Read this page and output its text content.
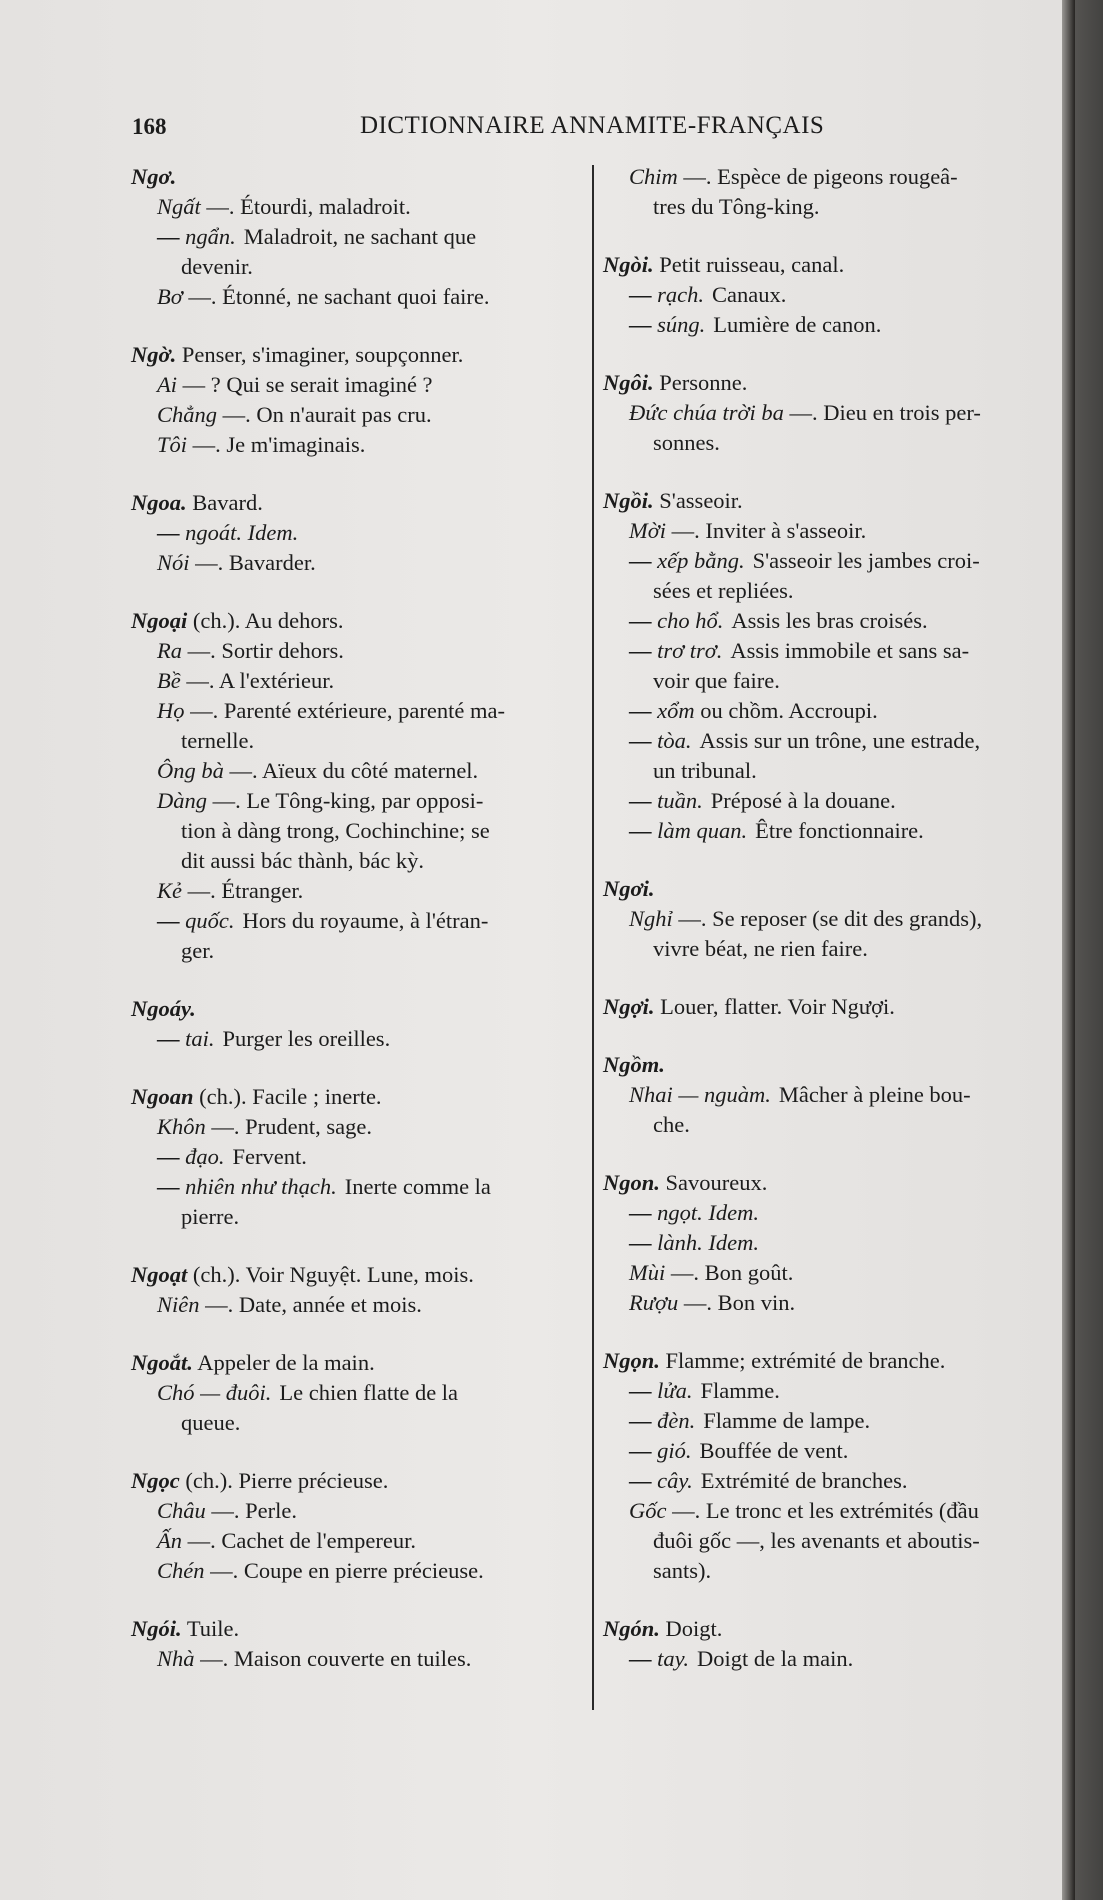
168	DICTIONNAIRE ANNAMITE-FRANÇAIS
Ngơ.
Ngất —. Étourdi, maladroit.
— ngẩn. Maladroit, ne sachant que
devenir.
Bơ —. Étonné, ne sachant quoi faire.
Ngờ. Penser, s'imaginer, soupçonner.
Ai — ? Qui se serait imaginé ?
Chẳng —. On n'aurait pas cru.
Tôi —. Je m'imaginais.
Ngoa. Bavard.
— ngoát. Idem.
Nói —. Bavarder.
Ngoại (ch.). Au dehors.
Ra —. Sortir dehors.
Bề —. A l'extérieur.
Họ —. Parenté extérieure, parenté ma-
ternelle.
Ông bà —. Aïeux du côté maternel.
Dàng —. Le Tông-king, par opposi-
tion à dàng trong, Cochinchine; se
dit aussi bác thành, bác kỳ.
Kẻ —. Étranger.
— quốc. Hors du royaume, à l'étran-
ger.
Ngoáy.
— tai. Purger les oreilles.
Ngoan (ch.). Facile ; inerte.
Khôn —. Prudent, sage.
— đạo. Fervent.
— nhiên như thạch. Inerte comme la
pierre.
Ngoạt (ch.). Voir Nguyệt. Lune, mois.
Niên —. Date, année et mois.
Ngoắt. Appeler de la main.
Chó — đuôi. Le chien flatte de la
queue.
Ngọc (ch.). Pierre précieuse.
Châu —. Perle.
Ấn —. Cachet de l'empereur.
Chén —. Coupe en pierre précieuse.
Ngói. Tuile.
Nhà —. Maison couverte en tuiles.
Chim —. Espèce de pigeons rougeâ-
tres du Tông-king.
Ngòi. Petit ruisseau, canal.
— rạch. Canaux.
— súng. Lumière de canon.
Ngôi. Personne.
Đức chúa trời ba —. Dieu en trois per-
sonnes.
Ngồi. S'asseoir.
Mời —. Inviter à s'asseoir.
— xếp bằng. S'asseoir les jambes croi-
sées et repliées.
— cho hổ. Assis les bras croisés.
— trơ trơ. Assis immobile et sans sa-
voir que faire.
— xổm ou chồm. Accroupi.
— tòa. Assis sur un trône, une estrade,
un tribunal.
— tuần. Préposé à la douane.
— làm quan. Être fonctionnaire.
Ngơi.
Nghỉ —. Se reposer (se dit des grands),
vivre béat, ne rien faire.
Ngợi. Louer, flatter. Voir Ngượi.
Ngồm.
Nhai — nguàm. Mâcher à pleine bou-
che.
Ngon. Savoureux.
— ngọt. Idem.
— lành. Idem.
Mùi —. Bon goût.
Rượu —. Bon vin.
Ngọn. Flamme; extrémité de branche.
— lửa. Flamme.
— đèn. Flamme de lampe.
— gió. Bouffée de vent.
— cây. Extrémité de branches.
Gốc —. Le tronc et les extrémités (đầu
đuôi gốc —, les avenants et aboutis-
sants).
Ngón. Doigt.
— tay. Doigt de la main.
